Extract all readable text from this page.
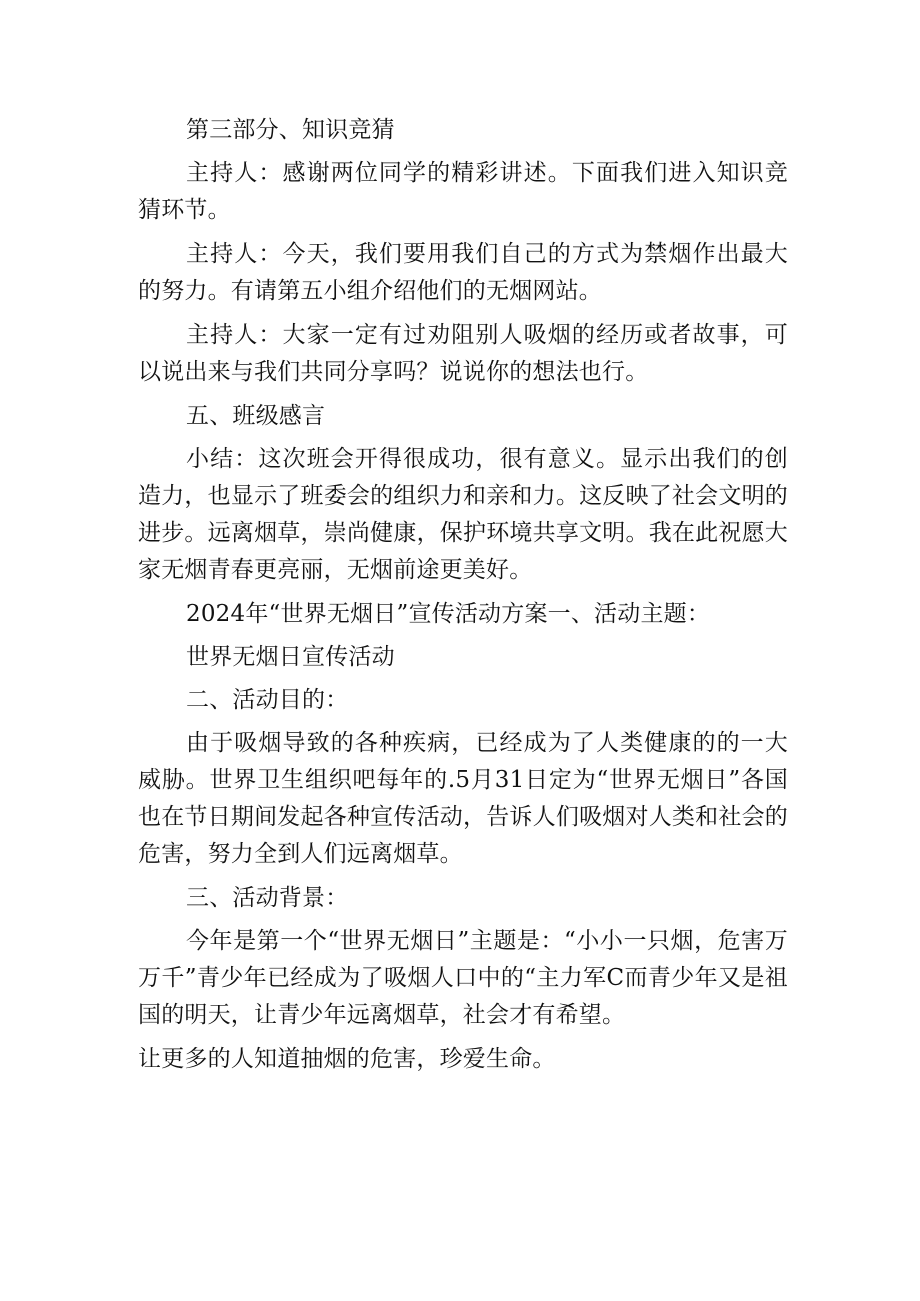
第三部分、知识竞猜

主持人：感谢两位同学的精彩讲述。下面我们进入知识竞猜环节。

主持人：今天，我们要用我们自己的方式为禁烟作出最大的努力。有请第五小组介绍他们的无烟网站。

主持人：大家一定有过劝阻别人吸烟的经历或者故事，可以说出来与我们共同分享吗？说说你的想法也行。

五、班级感言

小结：这次班会开得很成功，很有意义。显示出我们的创造力，也显示了班委会的组织力和亲和力。这反映了社会文明的进步。远离烟草，崇尚健康，保护环境共享文明。我在此祝愿大家无烟青春更亮丽，无烟前途更美好。

2024年“世界无烟日”宣传活动方案一、活动主题：

世界无烟日宣传活动

二、活动目的：

由于吸烟导致的各种疾病，已经成为了人类健康的的一大威胁。世界卫生组织吧每年的.5月31日定为“世界无烟日”各国也在节日期间发起各种宣传活动，告诉人们吸烟对人类和社会的危害，努力全到人们远离烟草。

三、活动背景：

今年是第一个“世界无烟日”主题是：“小小一只烟，危害万万千”青少年已经成为了吸烟人口中的“主力军C而青少年又是祖国的明天，让青少年远离烟草，社会才有希望。

让更多的人知道抽烟的危害，珍爱生命。
